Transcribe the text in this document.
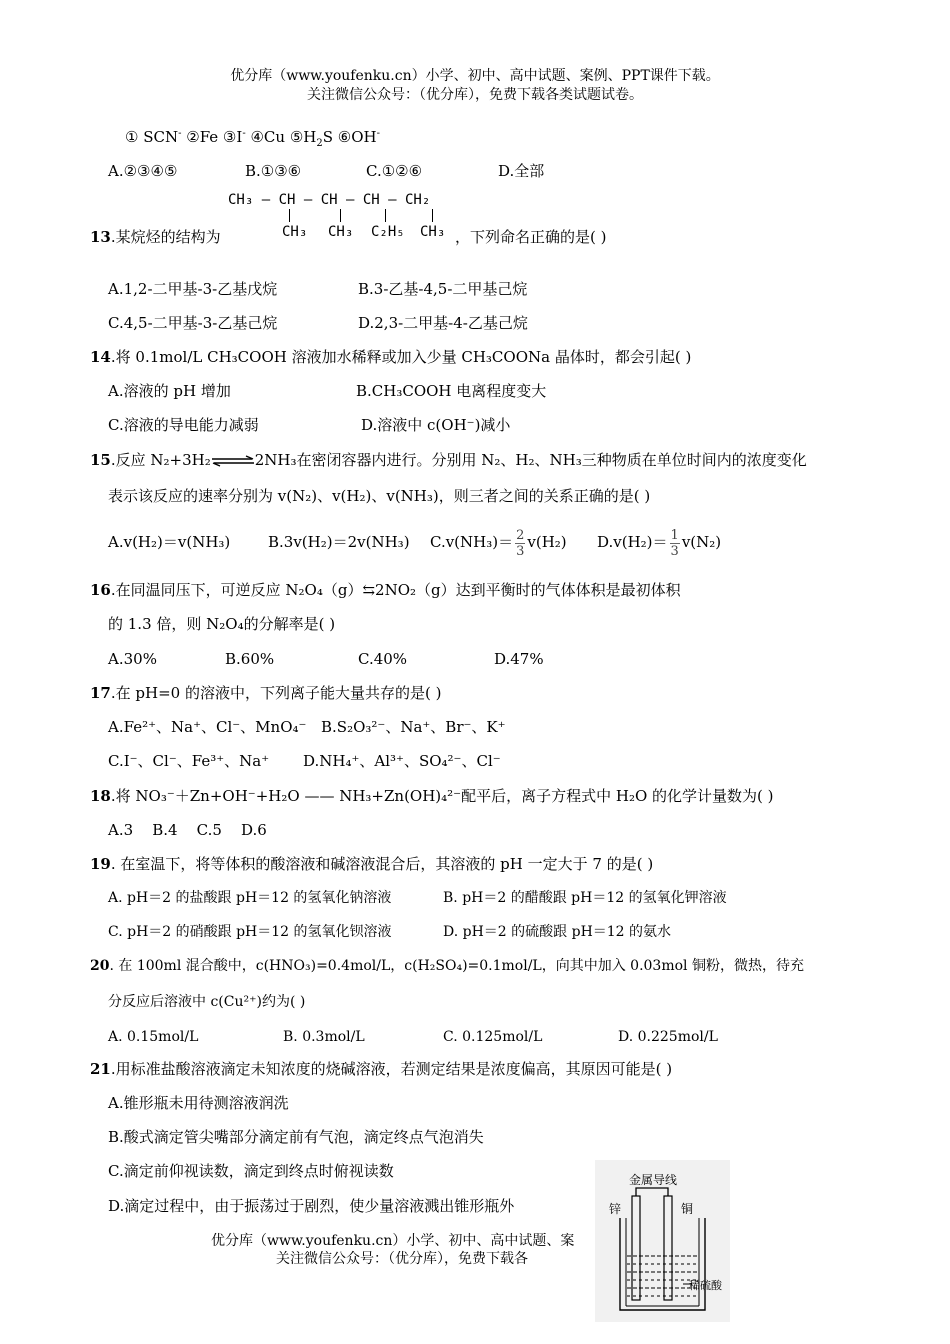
优分库（www.youfenku.cn）小学、初中、高中试题、案例、PPT课件下载。
关注微信公众号：（优分库），免费下载各类试题试卷。
① SCN- ②Fe ③I- ④Cu $⑤H_2S$ ⑥OH-
A.②③④⑤	B.①③⑥	C.①②⑥	D.全部
CH₃ — CH — CH — CH — CH₂
CH₃ CH₃ C₂H₅ CH₃
13.某烷烃的结构为	，下列命名正确的是( )
A.1,2-二甲基-3-乙基戊烷	B.3-乙基-4,5-二甲基己烷
C.4,5-二甲基-3-乙基己烷	D.2,3-二甲基-4-乙基己烷
14.将 0.1mol/L CH₃COOH 溶液加水稀释或加入少量 CH₃COONa 晶体时，都会引起( )
A.溶液的 pH 增加	B.CH₃COOH 电离程度变大
C.溶液的导电能力减弱	D.溶液中 c(OH⁻)减小
15.反应 N₂+3H₂⇌2NH₃在密闭容器内进行。分别用 N₂、H₂、NH₃三种物质在单位时间内的浓度变化
表示该反应的速率分别为 v(N₂)、v(H₂)、v(NH₃)，则三者之间的关系正确的是( )
A.v(H₂)＝v(NH₃)	B.3v(H₂)＝2v(NH₃) $C.v(NH_3)= \frac{2}{3} v(H_2)$ $D.v(H_2)= \frac{1}{3} v(N_2)$
16.在同温同压下，可逆反应 N₂O₄（g）⇆2NO₂（g）达到平衡时的气体体积是最初体积
的 1.3 倍，则 N₂O₄的分解率是( )
A.30%	B.60%	C.40%	D.47%
17.在 pH=0 的溶液中，下列离子能大量共存的是( )
A.Fe²⁺、Na⁺、Cl⁻、MnO₄⁻ B.S₂O₃²⁻、Na⁺、Br⁻、K⁺
C.I⁻、Cl⁻、Fe³⁺、Na⁺ D.NH₄⁺、Al³⁺、SO₄²⁻、Cl⁻
18.将 NO₃⁻＋Zn+OH⁻+H₂O —— NH₃+Zn(OH)₄²⁻配平后，离子方程式中 H₂O 的化学计量数为( )
A.3    B.4    C.5    D.6
19. 在室温下，将等体积的酸溶液和碱溶液混合后，其溶液的 pH 一定大于 7 的是( )
A. pH＝2 的盐酸跟 pH＝12 的氢氧化钠溶液	B. pH＝2 的醋酸跟 pH＝12 的氢氧化钾溶液
C. pH＝2 的硝酸跟 pH＝12 的氢氧化钡溶液	D. pH＝2 的硫酸跟 pH＝12 的氨水
20. 在 100ml 混合酸中，c(HNO₃)=0.4mol/L，c(H₂SO₄)=0.1mol/L，向其中加入 0.03mol 铜粉，微热，待充
分反应后溶液中 c(Cu²⁺)约为( )
A. 0.15mol/L	B. 0.3mol/L	C. 0.125mol/L	D. 0.225mol/L
21.用标准盐酸溶液滴定未知浓度的烧碱溶液，若测定结果是浓度偏高，其原因可能是( )
A.锥形瓶未用待测溶液润洗
B.酸式滴定管尖嘴部分滴定前有气泡，滴定终点气泡消失
C.滴定前仰视读数，滴定到终点时俯视读数
D.滴定过程中，由于振荡过于剧烈，使少量溶液溅出锥形瓶外
优分库（www.youfenku.cn）小学、初中、高中试题、案
关注微信公众号：（优分库），免费下载各
金属导线
锌	铜
稀硫酸
